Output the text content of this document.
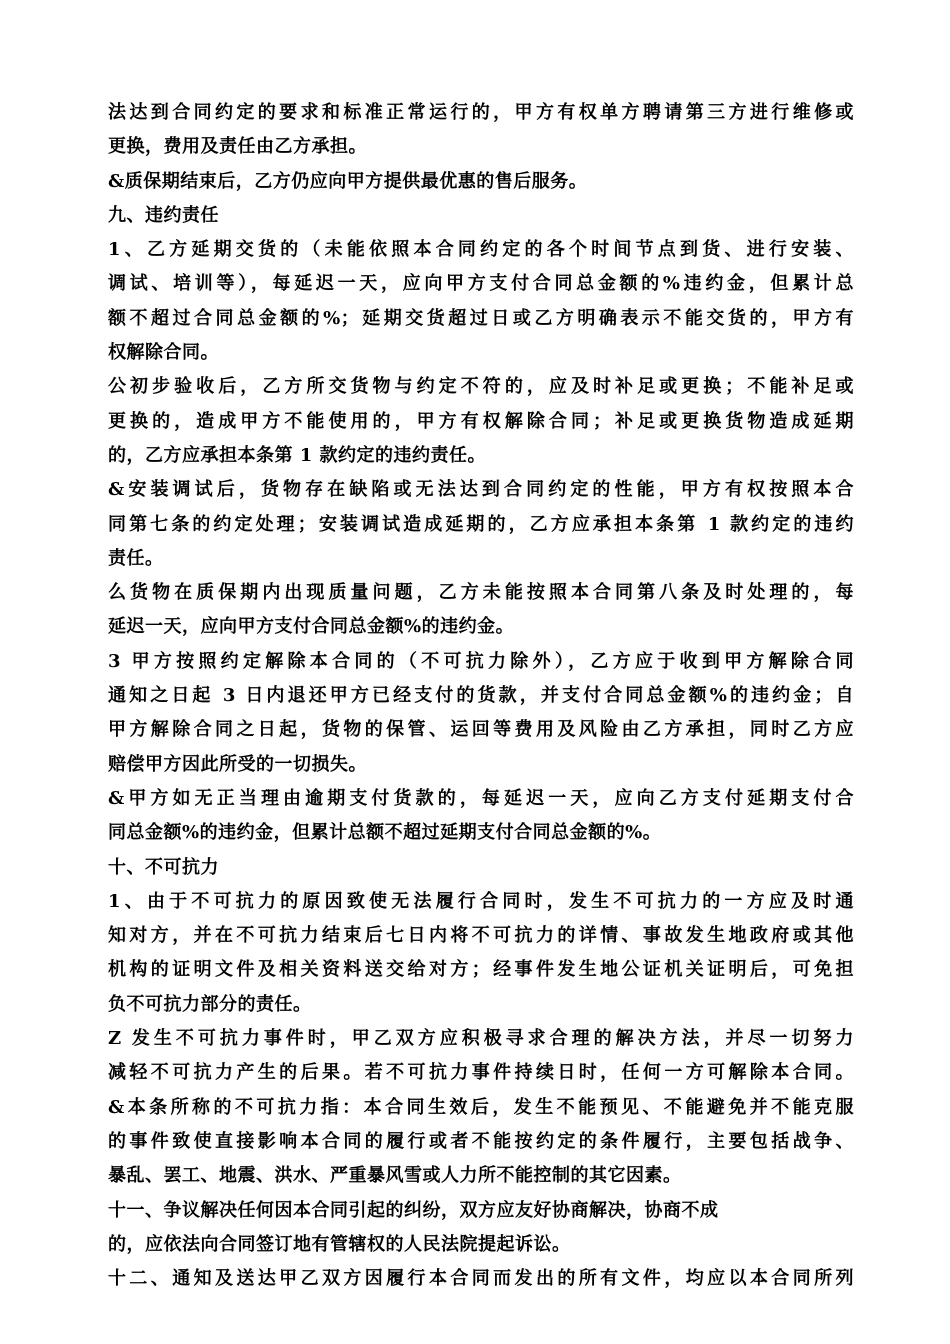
法达到合同约定的要求和标准正常运行的，甲方有权单方聘请第三方进行维修或
更换，费用及责任由乙方承担。
&质保期结束后，乙方仍应向甲方提供最优惠的售后服务。
九、违约责任
1、乙方延期交货的（未能依照本合同约定的各个时间节点到货、进行安装、
调试、培训等），每延迟一天，应向甲方支付合同总金额的%违约金，但累计总
额不超过合同总金额的%；延期交货超过日或乙方明确表示不能交货的，甲方有
权解除合同。
公初步验收后，乙方所交货物与约定不符的，应及时补足或更换；不能补足或
更换的，造成甲方不能使用的，甲方有权解除合同；补足或更换货物造成延期
的，乙方应承担本条第 1 款约定的违约责任。
&安装调试后，货物存在缺陷或无法达到合同约定的性能，甲方有权按照本合
同第七条的约定处理；安装调试造成延期的，乙方应承担本条第 1 款约定的违约
责任。
么货物在质保期内出现质量问题，乙方未能按照本合同第八条及时处理的，每
延迟一天，应向甲方支付合同总金额%的违约金。
3 甲方按照约定解除本合同的（不可抗力除外），乙方应于收到甲方解除合同
通知之日起 3 日内退还甲方已经支付的货款，并支付合同总金额%的违约金；自
甲方解除合同之日起，货物的保管、运回等费用及风险由乙方承担，同时乙方应
赔偿甲方因此所受的一切损失。
&甲方如无正当理由逾期支付货款的，每延迟一天，应向乙方支付延期支付合
同总金额%的违约金，但累计总额不超过延期支付合同总金额的%。
十、不可抗力
1、由于不可抗力的原因致使无法履行合同时，发生不可抗力的一方应及时通
知对方，并在不可抗力结束后七日内将不可抗力的详情、事故发生地政府或其他
机构的证明文件及相关资料送交给对方；经事件发生地公证机关证明后，可免担
负不可抗力部分的责任。
Z 发生不可抗力事件时，甲乙双方应积极寻求合理的解决方法，并尽一切努力
减轻不可抗力产生的后果。若不可抗力事件持续日时，任何一方可解除本合同。
&本条所称的不可抗力指：本合同生效后，发生不能预见、不能避免并不能克服
的事件致使直接影响本合同的履行或者不能按约定的条件履行，主要包括战争、
暴乱、罢工、地震、洪水、严重暴风雪或人力所不能控制的其它因素。
十一、争议解决任何因本合同引起的纠纷，双方应友好协商解决，协商不成
的，应依法向合同签订地有管辖权的人民法院提起诉讼。
十二、通知及送达甲乙双方因履行本合同而发出的所有文件，均应以本合同所列
